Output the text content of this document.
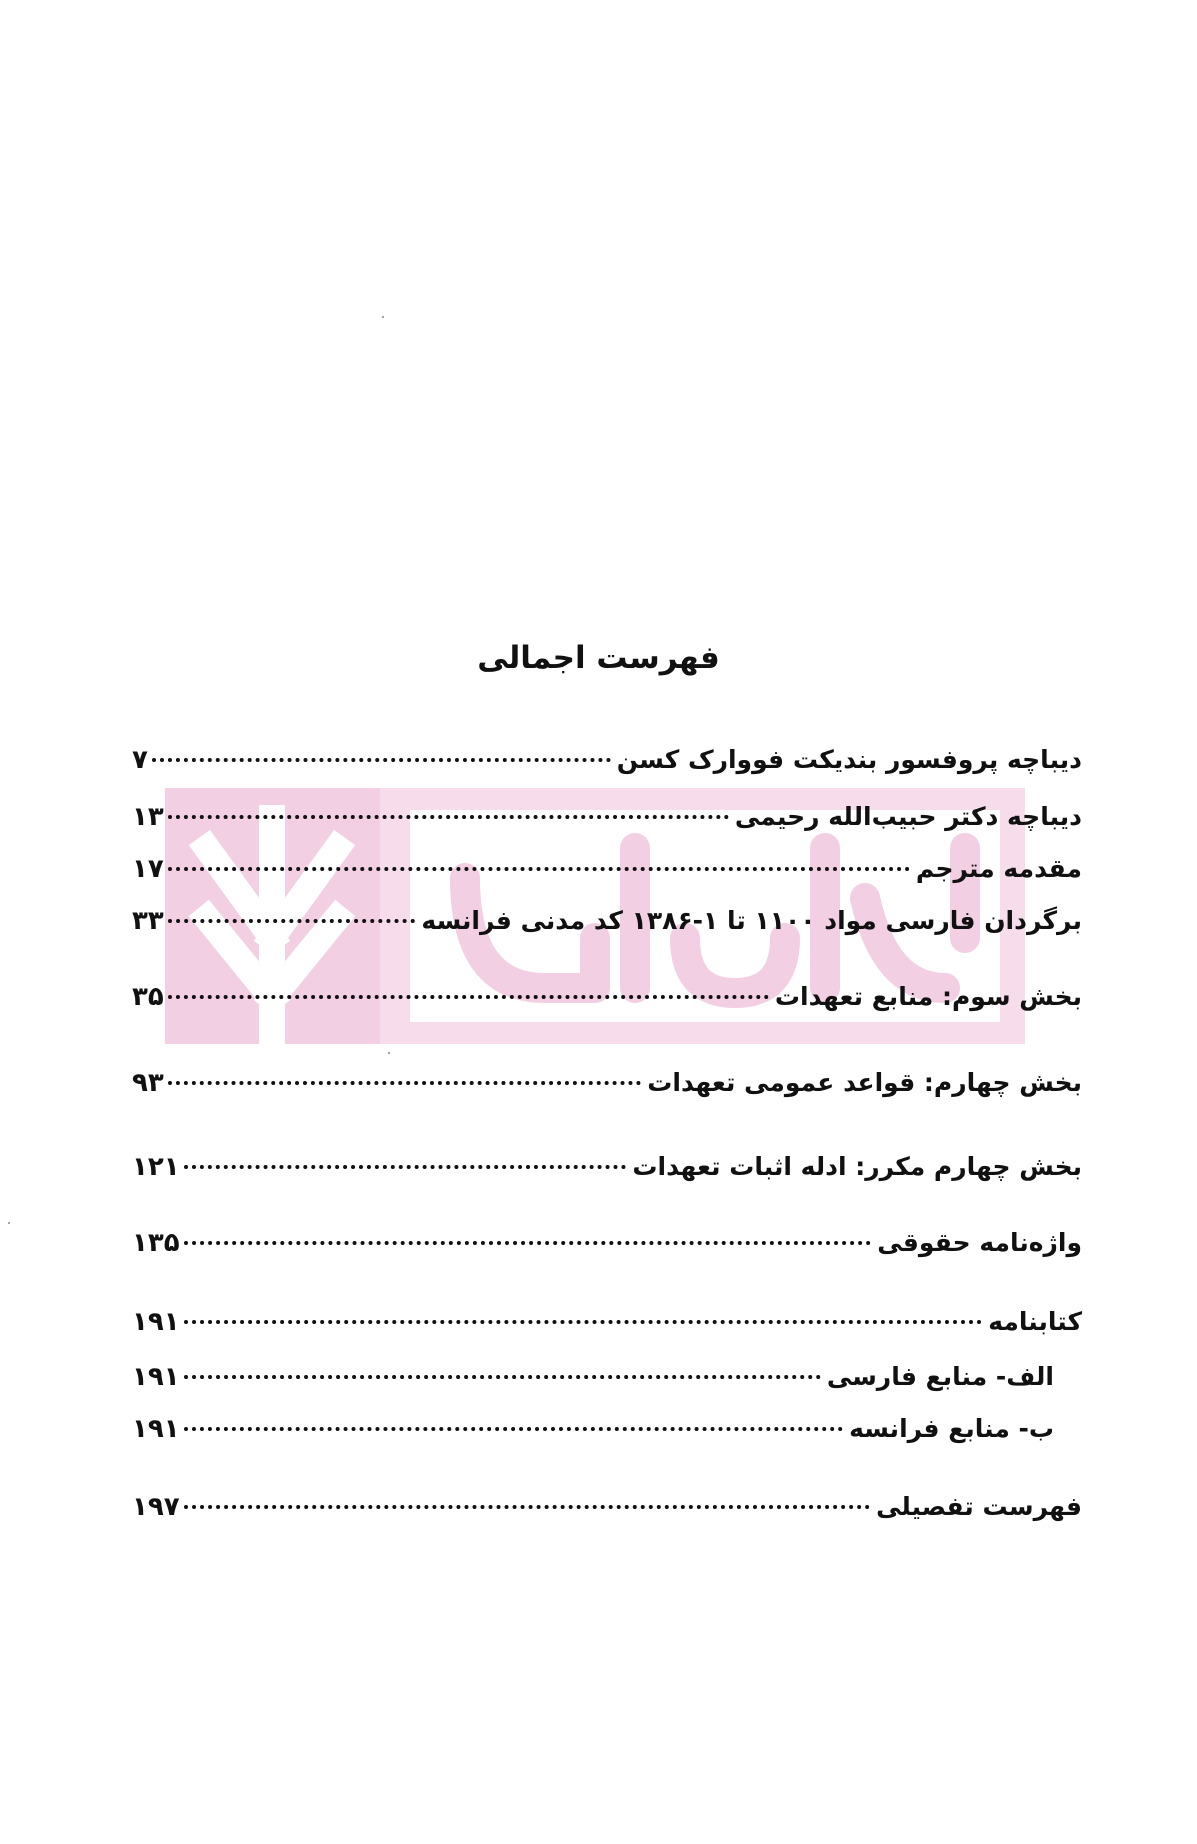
فهرست اجمالی
دیباچه پروفسور بندیکت فووارک کسن
۷
دیباچه دکتر حبیب‌الله رحیمی
۱۳
مقدمه مترجم
۱۷
برگردان فارسی مواد ۱۱۰۰ تا ۱-۱۳۸۶ کد مدنی فرانسه
۳۳
بخش سوم: منابع تعهدات
۳۵
بخش چهارم: قواعد عمومی تعهدات
۹۳
بخش چهارم مکرر: ادله اثبات تعهدات
۱۲۱
واژه‌نامه حقوقی
۱۳۵
کتابنامه
۱۹۱
الف- منابع فارسی
۱۹۱
ب- منابع فرانسه
۱۹۱
فهرست تفصیلی
۱۹۷
